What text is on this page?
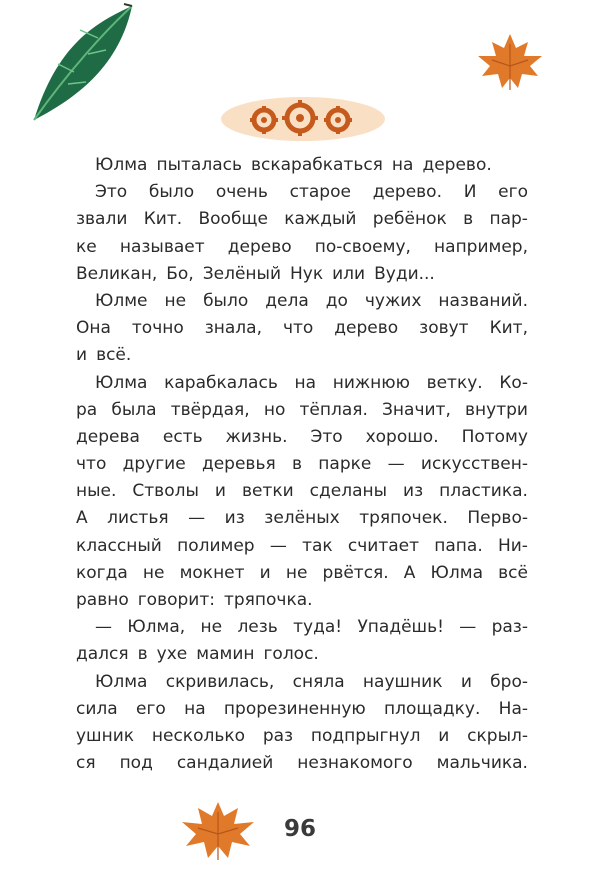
Юлма пыталась вскарабкаться на дерево.
Это было очень старое дерево. И его
звали Кит. Вообще каждый ребёнок в пар-
ке называет дерево по-своему, например,
Великан, Бо, Зелёный Нук или Вуди...
Юлме не было дела до чужих названий.
Она точно знала, что дерево зовут Кит,
и всё.
Юлма карабкалась на нижнюю ветку. Ко-
ра была твёрдая, но тёплая. Значит, внутри
дерева есть жизнь. Это хорошо. Потому
что другие деревья в парке — искусствен-
ные. Стволы и ветки сделаны из пластика.
А листья — из зелёных тряпочек. Перво-
классный полимер — так считает папа. Ни-
когда не мокнет и не рвётся. А Юлма всё
равно говорит: тряпочка.
— Юлма, не лезь туда! Упадёшь! — раз-
дался в ухе мамин голос.
Юлма скривилась, сняла наушник и бро-
сила его на прорезиненную площадку. На-
ушник несколько раз подпрыгнул и скрыл-
ся под сандалией незнакомого мальчика.
96
